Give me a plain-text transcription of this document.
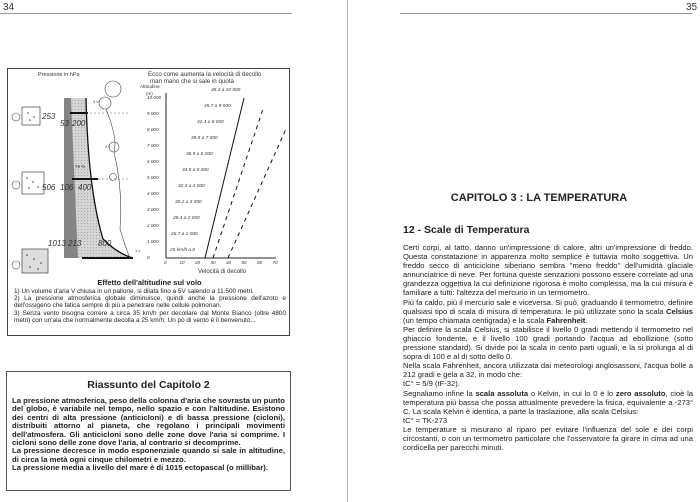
34	35
Pressione in hPa	Ecco come aumenta la velocità di decollo
man mano che si sale in quota
Altitudine
(m)
10 000
9 000
8 000
7 000
6 000
5 000
4 000
3 000
2 000
1 000
0
0	10 20 30 40 50 60 70
48.3 a 10 000
45.7 a 9 000
42.4 a 8 000
39.5 a 7 000
36.9 a 6 000
34.5 a 5 000
32.3 a 4 000
30.2 a 3 000
28.4 a 2 000
26.7 a 1 000
25 km/h a 0
Velocità di decollo
253
53 200
506 106 400
1013 213 800
79 %
4 v
2 v
1 v
Effetto dell'altitudine sul volo

1) Un volume d'aria V chiusa in un pallone, si dilata fino a 5V salendo a 11.500 metri.

2) La pressione atmosferica globale diminuisce, quindi anche la pressione dell'azoto e dell'ossigeno che fatica sempre di più a penetrare nelle cellule polmonari.

3) Senza vento bisogna correre a circa 35 km/h per decollare dal Monte Bianco (oltre 4800 metri) con un'ala che normalmente decolla a 25 km/h. Un pò di vento è il benvenuto...

Riassunto del Capitolo 2

La pressione atmosferica, peso della colonna d'aria che sovrasta un punto del globo, è variabile nel tempo, nello spazio e con l'altitudine. Esistono dei centri di alta pressione (anticicloni) e di bassa pressione (cicloni), distribuiti attorno al pianeta, che regolano i principali movimenti dell'atmosfera. Gli anticicloni sono delle zone dove l'aria si comprime. I cicloni sono delle zone dove l'aria, al contrario si decomprime.

La pressione decresce in modo esponenziale quando si sale in altitudine, di circa la metà ogni cinque chilometri e mezzo.

La pressione media a livello del mare è di 1015 ectopascal (o millibar).

CAPITOLO 3 : LA TEMPERATURA
12 - Scale di Temperatura

Certi corpi, al tatto, danno un'impressione di calore, altri un'impressione di freddo. Questa constatazione in apparenza molto semplice è tuttavia molto soggettiva. Un freddo secco di anticiclone siberiano sembra ''meno freddo'' dell'umidità glaciale annunciatrice di neve. Per fortuna queste senzazioni possono essere correlate ad una grandezza oggettiva la cui definizione rigorosa è molto complessa, ma la cui misura è familiare a tutti: l'altezza del mercurio in un termometro.

Più fa caldo, più il mercurio sale e viceversa. Si può, graduando il termometro, definire qualsiasi tipo di scala di misura di temperatura: le più utilizzate sono la scala Celsius (un tempo chiamata centigrada) e la scala Fahrenheit.

Per definire la scala Celsius, si stabilisce il livello 0 gradi mettendo il termometro nel ghiaccio fondente, e il livello 100 gradi portando l'acqua ad ebollizione (sotto pressione standard). Si divide poi la scala in cento parti uguali, e la si prolunga al di sopra di 100 e al di sotto dello 0.

Nella scala Fahrenheit, ancora utilizzata dai meteorologi anglosassoni, l'acqua bolle a 212 gradi e gela a 32, in modo che:

tC° = 5/9 (tF-32).

Segnaliamo infine la scala assoluta o Kelvin, in cui lo 0 è lo zero assoluto, cioè la temperatura più bassa che possa attualmente prevedere la fisica, equivalente a -273° C. La scala Kelvin è identica, a parte la traslazione, alla scala Celsius:

tC° = TK-273

Le temperature si misurano al riparo per evitare l'influenza del sole e dei corpi circostanti, o con un termometro particolare che l'osservatore fa girare in cima ad una cordicella per parecchi minuti.
